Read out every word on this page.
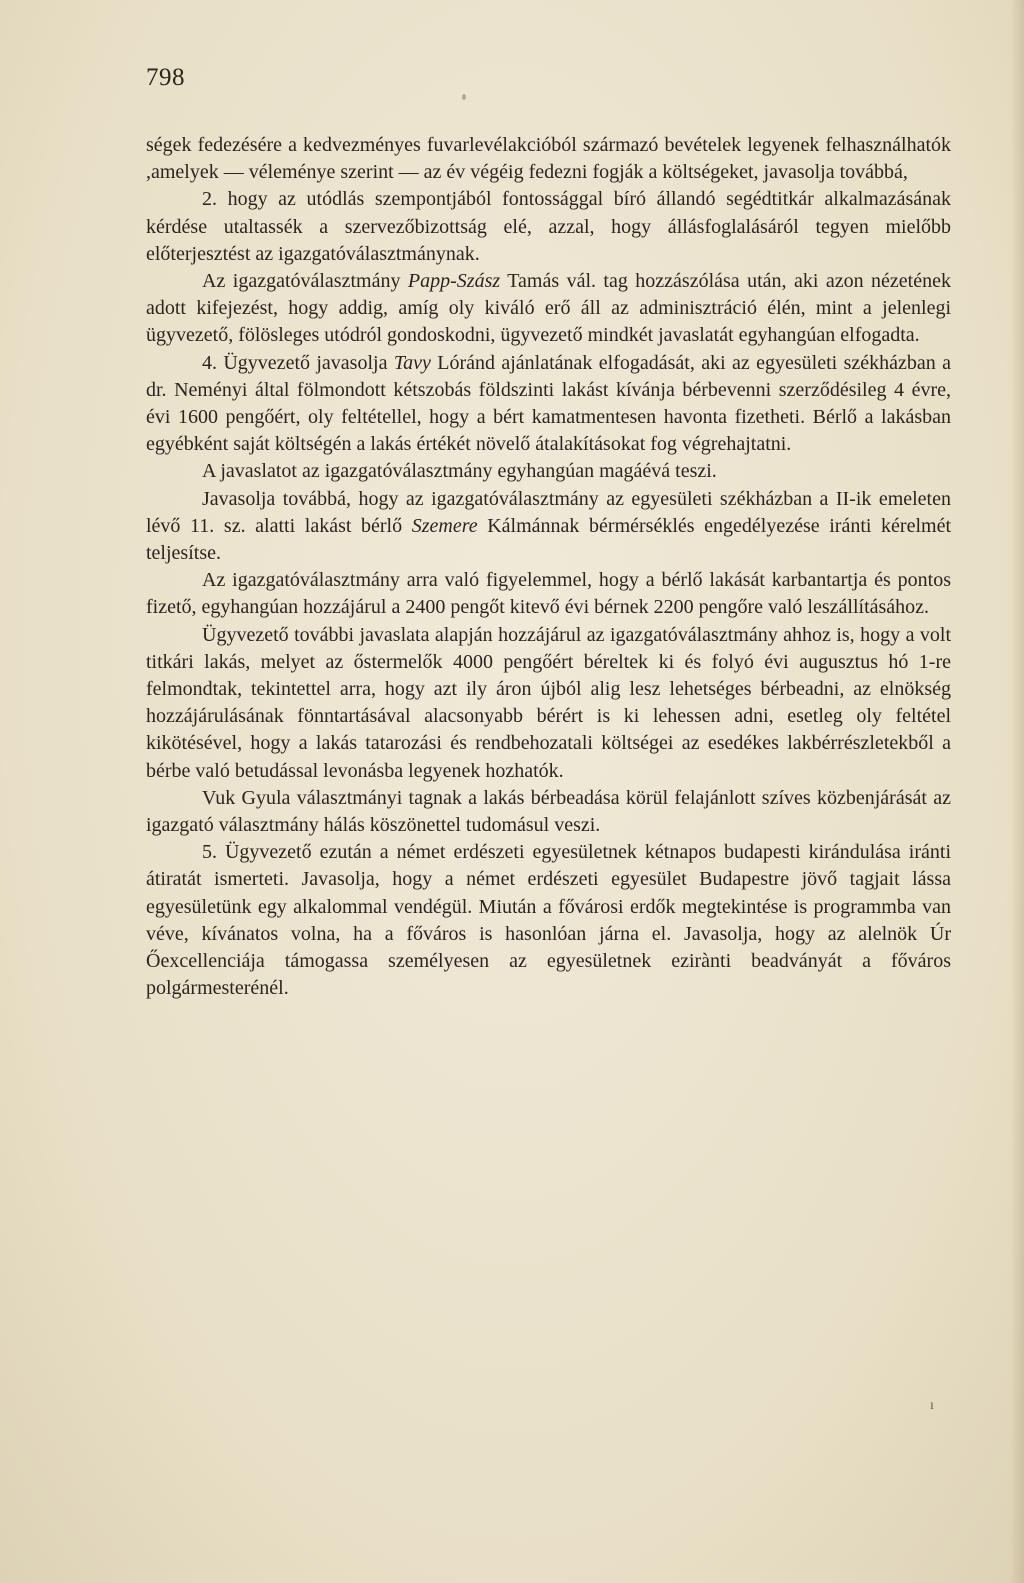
798

ségek fedezésére a kedvezményes fuvarlevélakcióból származó bevételek legyenek felhasználhatók ,amelyek — véleménye szerint — az év végéig fedezni fogják a költségeket, javasolja továbbá,

2. hogy az utódlás szempontjából fontossággal bíró állandó segédtitkár alkalmazásának kérdése utaltassék a szervezőbizottság elé, azzal, hogy állásfoglalásáról tegyen mielőbb előterjesztést az igazgatóválasztmánynak.

Az igazgatóválasztmány Papp-Szász Tamás vál. tag hozzászólása után, aki azon nézetének adott kifejezést, hogy addig, amíg oly kiváló erő áll az adminisztráció élén, mint a jelenlegi ügyvezető, fölösleges utódról gondoskodni, ügyvezető mindkét javaslatát egyhangúan elfogadta.

4. Ügyvezető javasolja Tavy Lóránd ajánlatának elfogadását, aki az egyesületi székházban a dr. Neményi által fölmondott kétszobás földszinti lakást kívánja bérbevenni szerződésileg 4 évre, évi 1600 pengőért, oly feltétellel, hogy a bért kamatmentesen havonta fizetheti. Bérlő a lakásban egyébként saját költségén a lakás értékét növelő átalakításokat fog végrehajtatni.

A javaslatot az igazgatóválasztmány egyhangúan magáévá teszi.

Javasolja továbbá, hogy az igazgatóválasztmány az egyesületi székházban a II-ik emeleten lévő 11. sz. alatti lakást bérlő Szemere Kálmánnak bérmérséklés engedélyezése iránti kérelmét teljesítse.

Az igazgatóválasztmány arra való figyelemmel, hogy a bérlő lakását karbantartja és pontos fizető, egyhangúan hozzájárul a 2400 pengőt kitevő évi bérnek 2200 pengőre való leszállításához.

Ügyvezető további javaslata alapján hozzájárul az igazgatóválasztmány ahhoz is, hogy a volt titkári lakás, melyet az őstermelők 4000 pengőért béreltek ki és folyó évi augusztus hó 1-re felmondtak, tekintettel arra, hogy azt ily áron újból alig lesz lehetséges bérbeadni, az elnökség hozzájárulásának fönntartásával alacsonyabb bérért is ki lehessen adni, esetleg oly feltétel kikötésével, hogy a lakás tatarozási és rendbehozatali költségei az esedékes lakbérrészletekből a bérbe való betudással levonásba legyenek hozhatók.

Vuk Gyula választmányi tagnak a lakás bérbeadása körül felajánlott szíves közbenjárását az igazgató választmány hálás köszönettel tudomásul veszi.

5. Ügyvezető ezután a német erdészeti egyesületnek kétnapos budapesti kirándulása iránti átiratát ismerteti. Javasolja, hogy a német erdészeti egyesület Budapestre jövő tagjait lássa egyesületünk egy alkalommal vendégül. Miután a fővárosi erdők megtekintése is programmba van véve, kívánatos volna, ha a főváros is hasonlóan járna el. Javasolja, hogy az alelnök Úr Őexcellenciája támogassa személyesen az egyesületnek ezirànti beadványát a főváros polgármesterénél.

ı
